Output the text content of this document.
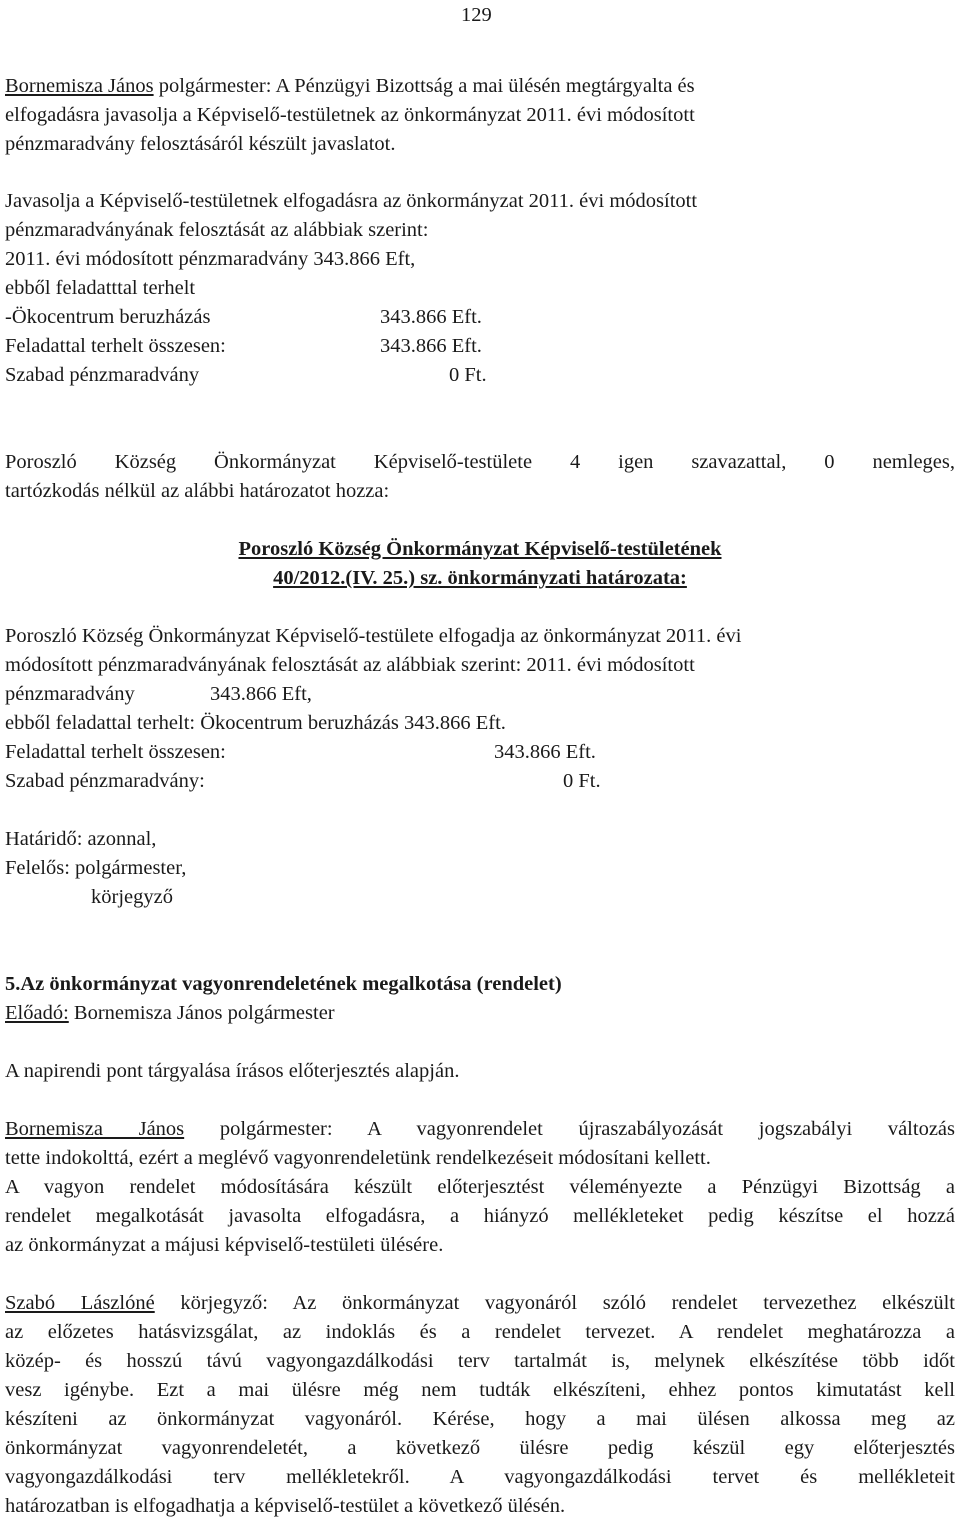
129
Bornemisza János polgármester: A Pénzügyi Bizottság a mai ülésén megtárgyalta és
elfogadásra javasolja a Képviselő-testületnek az önkormányzat 2011. évi módosított
pénzmaradvány felosztásáról készült javaslatot.
Javasolja a Képviselő-testületnek elfogadásra az önkormányzat 2011. évi módosított
pénzmaradványának felosztását az alábbiak szerint:
2011. évi módosított pénzmaradvány 343.866 Eft,
ebből feladatttal terhelt
-Ökocentrum beruzházás	343.866 Eft.
Feladattal terhelt összesen:	343.866 Eft.
Szabad pénzmaradvány	0 Ft.
Poroszló Község Önkormányzat Képviselő-testülete 4 igen szavazattal, 0 nemleges,
tartózkodás nélkül az alábbi határozatot hozza:
Poroszló Község Önkormányzat Képviselő-testületének
40/2012.(IV. 25.) sz. önkormányzati határozata:
Poroszló Község Önkormányzat Képviselő-testülete elfogadja az önkormányzat 2011. évi
módosított pénzmaradványának felosztását az alábbiak szerint: 2011. évi módosított
pénzmaradvány	343.866 Eft,
ebből feladattal terhelt: Ökocentrum beruzházás 343.866 Eft.
Feladattal terhelt összesen:	343.866 Eft.
Szabad pénzmaradvány:	0 Ft.
Határidő: azonnal,
Felelős: polgármester,
körjegyző
5.Az önkormányzat vagyonrendeletének megalkotása (rendelet)
Előadó: Bornemisza János polgármester
A napirendi pont tárgyalása írásos előterjesztés alapján.
Bornemisza János polgármester: A vagyonrendelet újraszabályozását jogszabályi változás
tette indokolttá, ezért a meglévő vagyonrendeletünk rendelkezéseit módosítani kellett.
A vagyon rendelet módosítására készült előterjesztést véleményezte a Pénzügyi Bizottság a
rendelet megalkotását javasolta elfogadásra, a hiányzó mellékleteket pedig készítse el hozzá
az önkormányzat a májusi képviselő-testületi ülésére.
Szabó Lászlóné körjegyző: Az önkormányzat vagyonáról szóló rendelet tervezethez elkészült
az előzetes hatásvizsgálat, az indoklás és a rendelet tervezet. A rendelet meghatározza a
közép- és hosszú távú vagyongazdálkodási terv tartalmát is, melynek elkészítése több időt
vesz igénybe. Ezt a mai ülésre még nem tudták elkészíteni, ehhez pontos kimutatást kell
készíteni az önkormányzat vagyonáról. Kérése, hogy a mai ülésen alkossa meg az
önkormányzat vagyonrendeletét, a következő ülésre pedig készül egy előterjesztés
vagyongazdálkodási terv mellékletekről. A vagyongazdálkodási tervet és mellékleteit
határozatban is elfogadhatja a képviselő-testület a következő ülésén.
